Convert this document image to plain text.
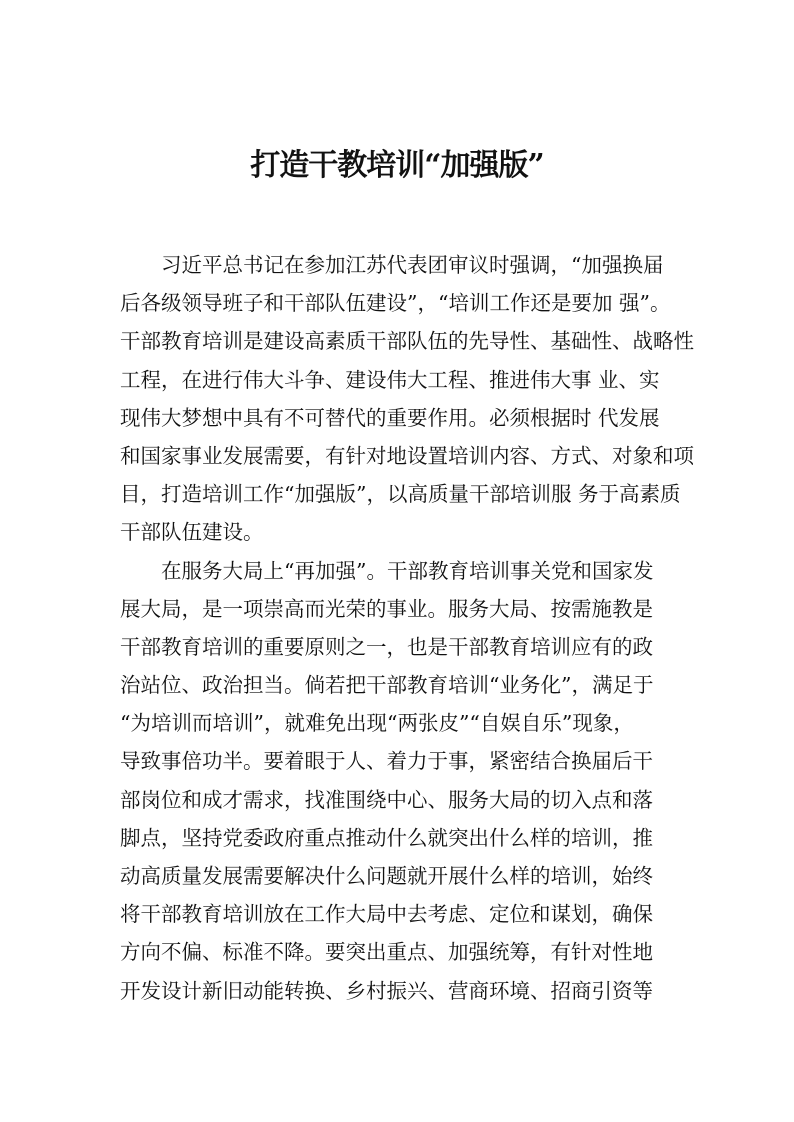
打造干教培训“加强版”
习近平总书记在参加江苏代表团审议时强调，“加强换届
后各级领导班子和干部队伍建设”，“培训工作还是要加 强”。
干部教育培训是建设高素质干部队伍的先导性、基础性、战略性
工程，在进行伟大斗争、建设伟大工程、推进伟大事 业、实
现伟大梦想中具有不可替代的重要作用。必须根据时 代发展
和国家事业发展需要，有针对地设置培训内容、方式、对象和项
目，打造培训工作“加强版”，以高质量干部培训服 务于高素质
干部队伍建设。
在服务大局上“再加强”。干部教育培训事关党和国家发
展大局，是一项崇高而光荣的事业。服务大局、按需施教是
干部教育培训的重要原则之一，也是干部教育培训应有的政
治站位、政治担当。倘若把干部教育培训“业务化”，满足于
“为培训而培训”，就难免出现“两张皮”“自娱自乐”现象，
导致事倍功半。要着眼于人、着力于事，紧密结合换届后干
部岗位和成才需求，找准围绕中心、服务大局的切入点和落
脚点，坚持党委政府重点推动什么就突出什么样的培训，推
动高质量发展需要解决什么问题就开展什么样的培训，始终
将干部教育培训放在工作大局中去考虑、定位和谋划，确保
方向不偏、标准不降。要突出重点、加强统筹，有针对性地
开发设计新旧动能转换、乡村振兴、营商环境、招商引资等
